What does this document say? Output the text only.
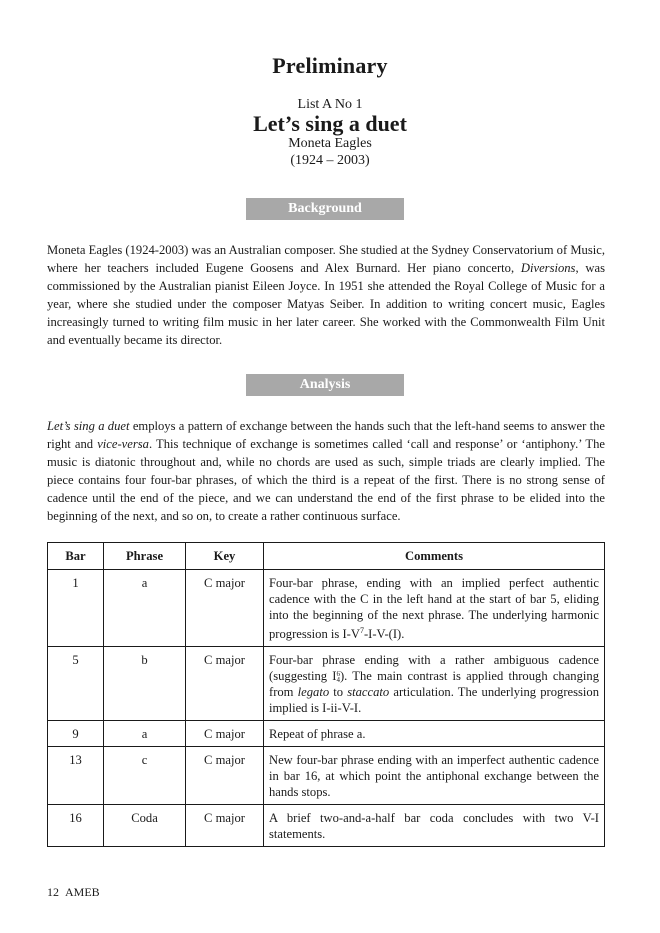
Preliminary
List A No 1
Let’s sing a duet
Moneta Eagles
(1924 – 2003)
Background

Moneta Eagles (1924-2003) was an Australian composer. She studied at the Sydney Conservatorium of Music, where her teachers included Eugene Goosens and Alex Burnard. Her piano concerto, Diversions, was commissioned by the Australian pianist Eileen Joyce. In 1951 she attended the Royal College of Music for a year, where she studied under the composer Matyas Seiber. In addition to writing concert music, Eagles increasingly turned to writing film music in her later career. She worked with the Commonwealth Film Unit and eventually became its director.

Analysis

Let’s sing a duet employs a pattern of exchange between the hands such that the left-hand seems to answer the right and vice-versa. This technique of exchange is sometimes called ‘call and response’ or ‘antiphony.’ The music is diatonic throughout and, while no chords are used as such, simple triads are clearly implied. The piece contains four four-bar phrases, of which the third is a repeat of the first. There is no strong sense of cadence until the end of the piece, and we can understand the end of the first phrase to be elided into the beginning of the next, and so on, to create a rather continuous surface.

Bar	Phrase	Key	Comments
1	a	C major	Four-bar phrase, ending with an implied perfect authentic cadence with the C in the left hand at the start of bar 5, eliding into the beginning of the next phrase. The underlying harmonic progression is $I-V^7-I-V-(I)$.
5	b	C major	Four-bar phrase ending with a rather ambiguous cadence (suggesting I 6
4 ). The main contrast is applied through changing from legato to staccato articulation. The underlying progression implied is I-ii-V-I.
9	a	C major	Repeat of phrase a.
13	c	C major	New four-bar phrase ending with an imperfect authentic cadence in bar 16, at which point the antiphonal exchange between the hands stops.
16	Coda	C major	A brief two-and-a-half bar coda concludes with two V-I statements.
12 AMEB
